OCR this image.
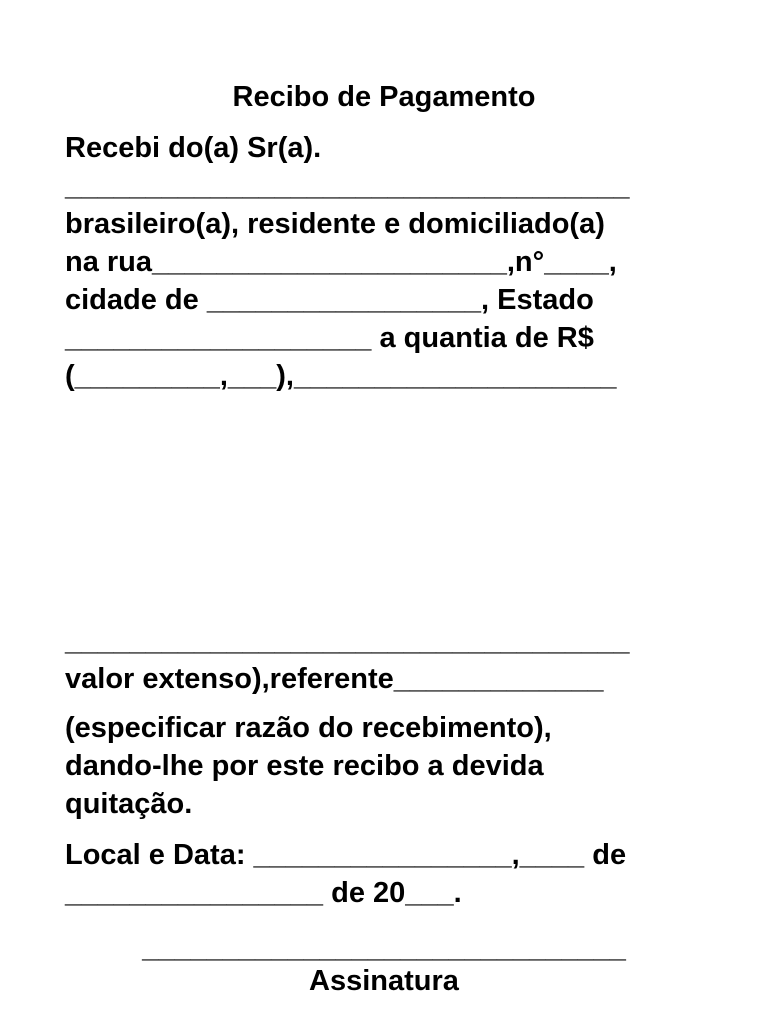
Recibo de Pagamento
Recebi do(a) Sr(a).
___________________________________
brasileiro(a), residente e domiciliado(a)
na rua______________________,n°____,
cidade de _________________, Estado
___________________ a quantia de R$
(_________,___),____________________
___________________________________
valor extenso),referente_____________
(especificar razão do recebimento),
dando-lhe por este recibo a devida
quitação.
Local e Data: ________________,____ de
________________ de 20___.
______________________________
Assinatura
